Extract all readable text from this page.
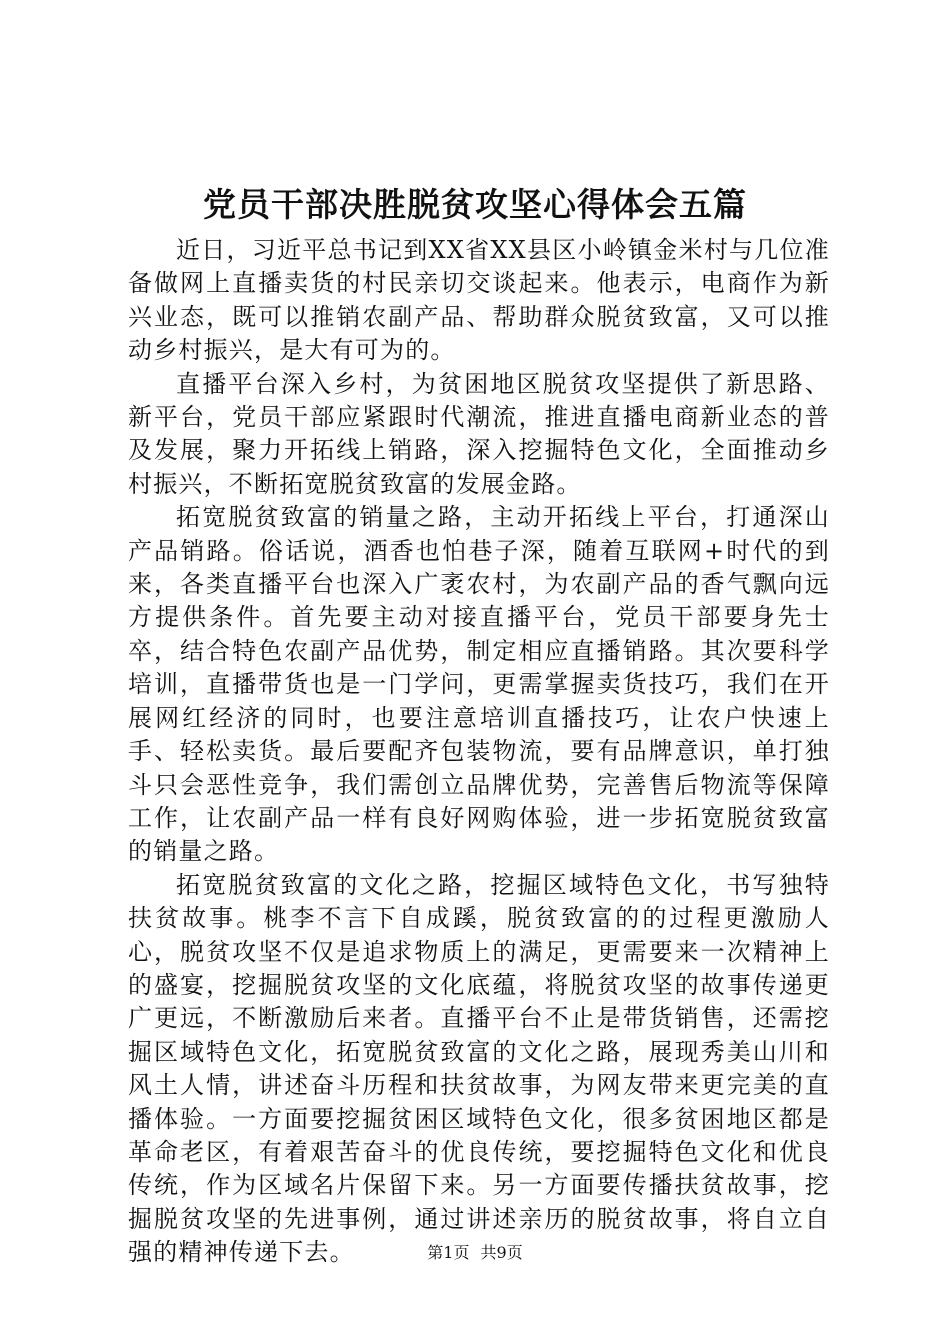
党员干部决胜脱贫攻坚心得体会五篇

近日，习近平总书记到XX省XX县区小岭镇金米村与几位准备做网上直播卖货的村民亲切交谈起来。他表示，电商作为新兴业态，既可以推销农副产品、帮助群众脱贫致富，又可以推动乡村振兴，是大有可为的。

直播平台深入乡村，为贫困地区脱贫攻坚提供了新思路、新平台，党员干部应紧跟时代潮流，推进直播电商新业态的普及发展，聚力开拓线上销路，深入挖掘特色文化，全面推动乡村振兴，不断拓宽脱贫致富的发展金路。

拓宽脱贫致富的销量之路，主动开拓线上平台，打通深山产品销路。俗话说，酒香也怕巷子深，随着互联网+时代的到来，各类直播平台也深入广袤农村，为农副产品的香气飘向远方提供条件。首先要主动对接直播平台，党员干部要身先士卒，结合特色农副产品优势，制定相应直播销路。其次要科学培训，直播带货也是一门学问，更需掌握卖货技巧，我们在开展网红经济的同时，也要注意培训直播技巧，让农户快速上手、轻松卖货。最后要配齐包装物流，要有品牌意识，单打独斗只会恶性竞争，我们需创立品牌优势，完善售后物流等保障工作，让农副产品一样有良好网购体验，进一步拓宽脱贫致富的销量之路。

拓宽脱贫致富的文化之路，挖掘区域特色文化，书写独特扶贫故事。桃李不言下自成蹊，脱贫致富的的过程更激励人心，脱贫攻坚不仅是追求物质上的满足，更需要来一次精神上的盛宴，挖掘脱贫攻坚的文化底蕴，将脱贫攻坚的故事传递更广更远，不断激励后来者。直播平台不止是带货销售，还需挖掘区域特色文化，拓宽脱贫致富的文化之路，展现秀美山川和风土人情，讲述奋斗历程和扶贫故事，为网友带来更完美的直播体验。一方面要挖掘贫困区域特色文化，很多贫困地区都是革命老区，有着艰苦奋斗的优良传统，要挖掘特色文化和优良传统，作为区域名片保留下来。另一方面要传播扶贫故事，挖掘脱贫攻坚的先进事例，通过讲述亲历的脱贫故事，将自立自强的精神传递下去。	第1页 共9页
